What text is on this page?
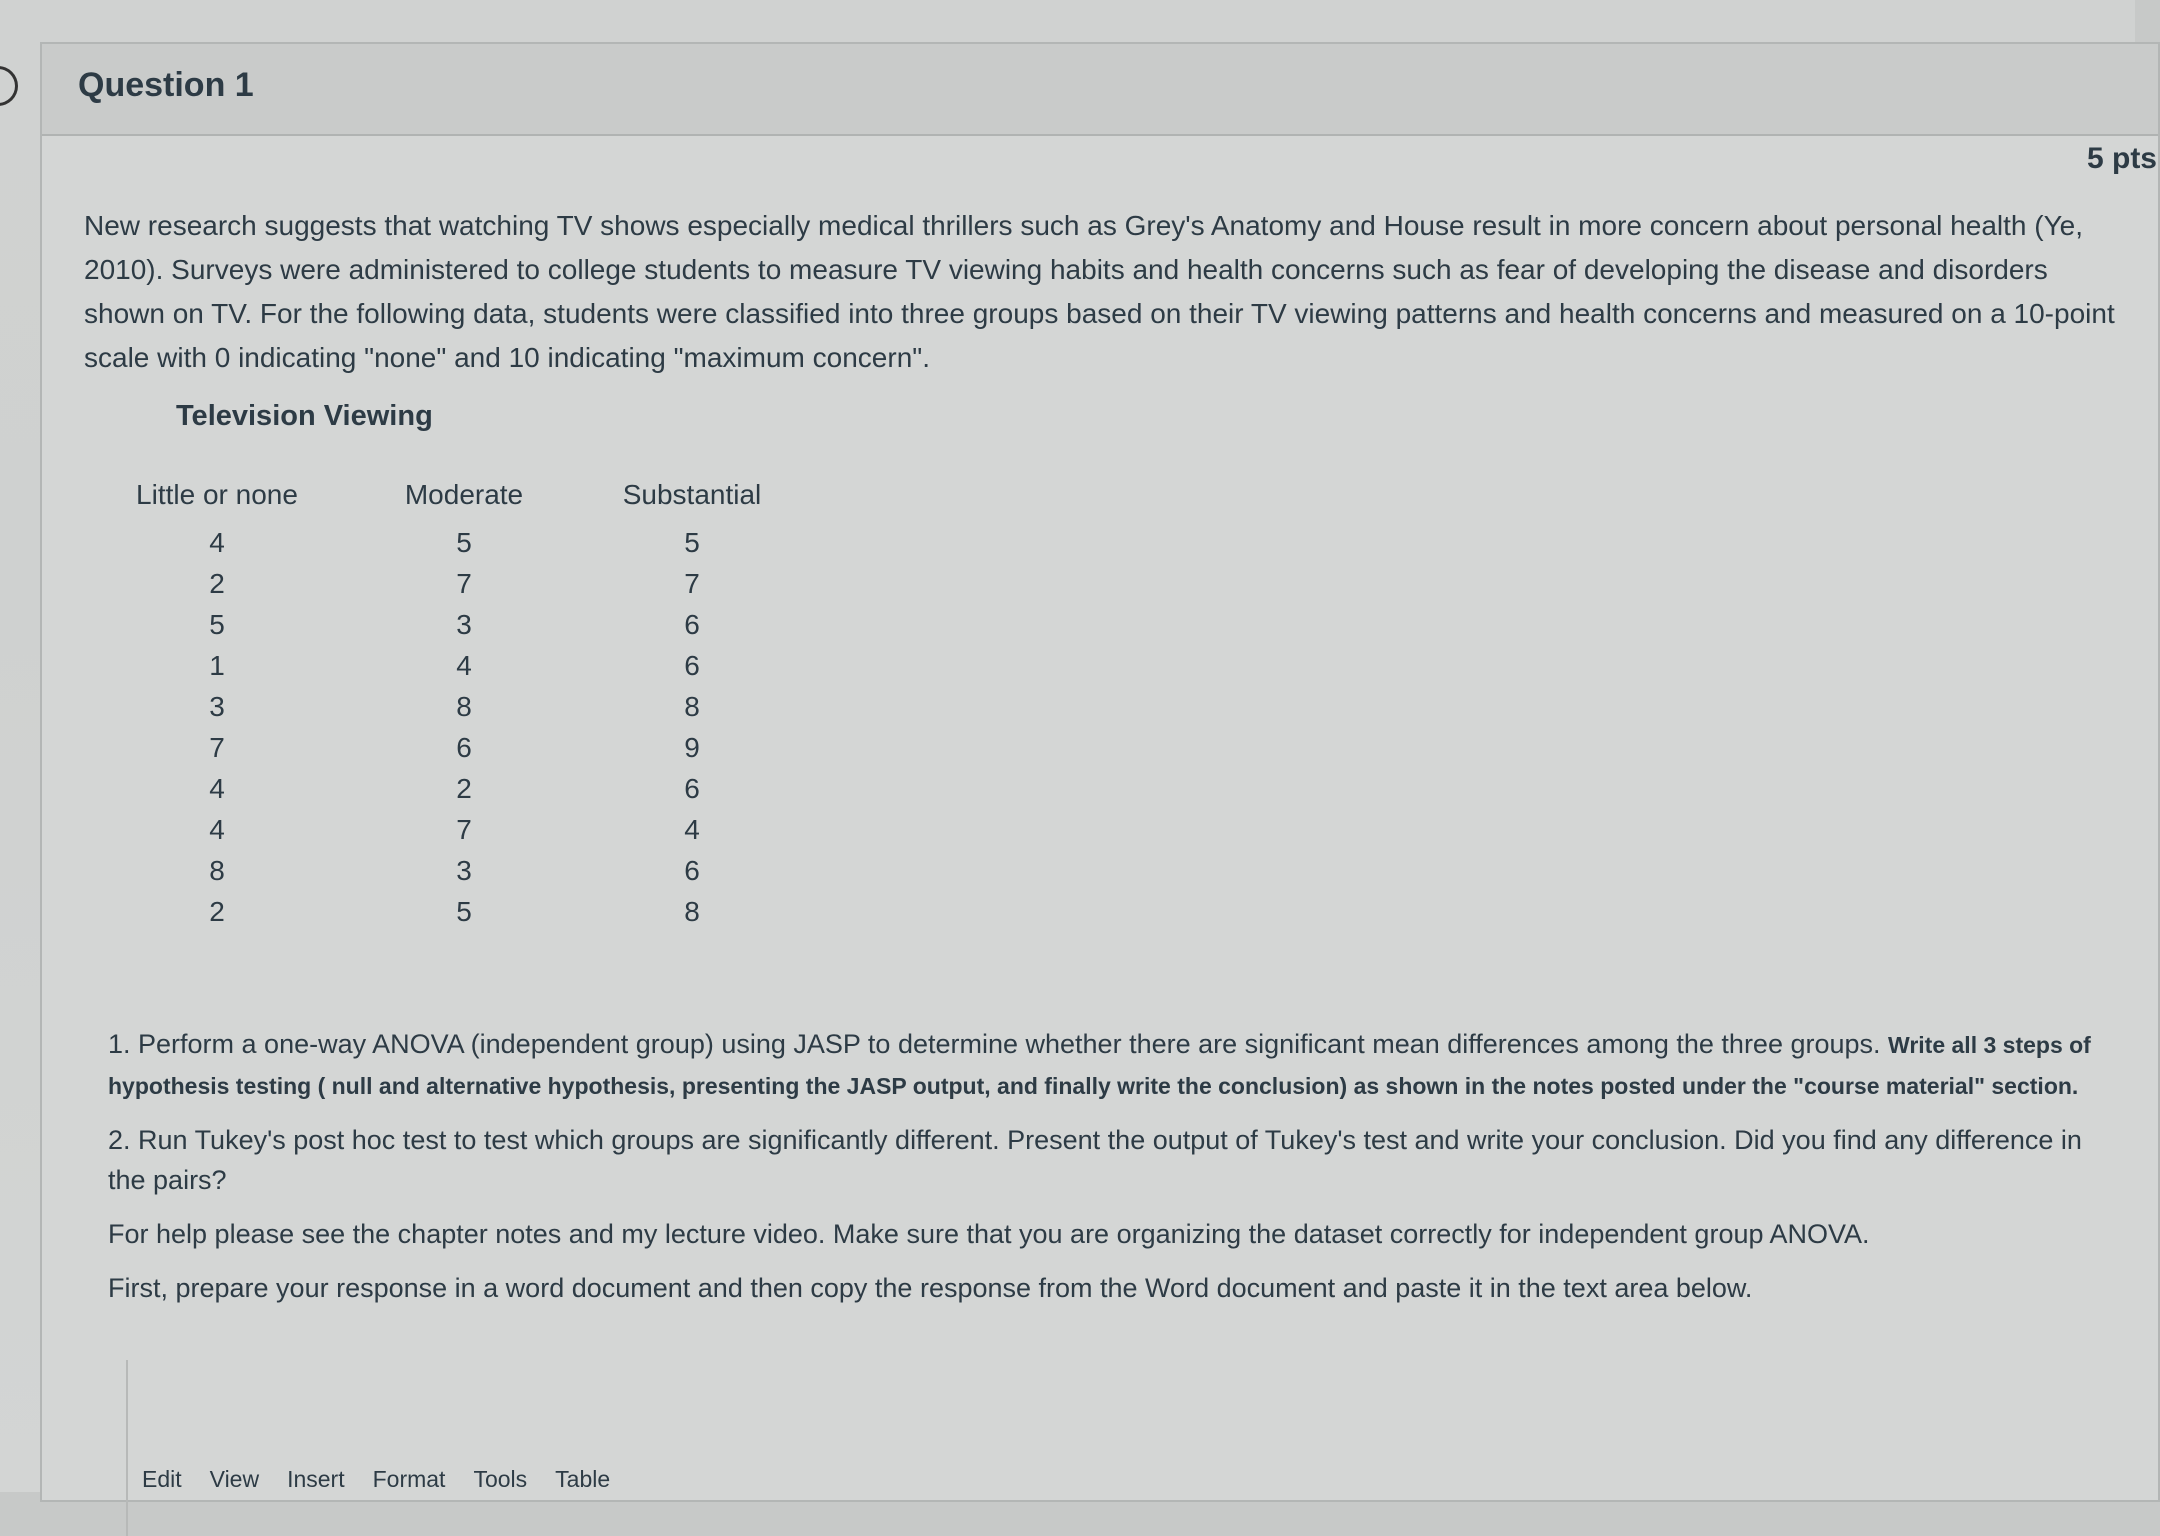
Question 1
5 pts

New research suggests that watching TV shows especially medical thrillers such as Grey's Anatomy and House result in more concern about personal health (Ye, 2010). Surveys were administered to college students to measure TV viewing habits and health concerns such as fear of developing the disease and disorders shown on TV. For the following data, students were classified into three groups based on their TV viewing patterns and health concerns and measured on a 10-point scale with 0 indicating "none" and 10 indicating "maximum concern".

Television Viewing
Little or none
4
2
5
1
3
7
4
4
8
2
Moderate
5
7
3
4
8
6
2
7
3
5
Substantial
5
7
6
6
8
9
6
4
6
8

1. Perform a one-way ANOVA (independent group) using JASP to determine whether there are significant mean differences among the three groups. Write all 3 steps of hypothesis testing ( null and alternative hypothesis, presenting the JASP output, and finally write the conclusion) as shown in the notes posted under the "course material" section.

2. Run Tukey's post hoc test to test which groups are significantly different. Present the output of Tukey's test and write your conclusion. Did you find any difference in the pairs?

For help please see the chapter notes and my lecture video. Make sure that you are organizing the dataset correctly for independent group ANOVA.

First, prepare your response in a word document and then copy the response from the Word document and paste it in the text area below.

Edit View Insert Format Tools Table
